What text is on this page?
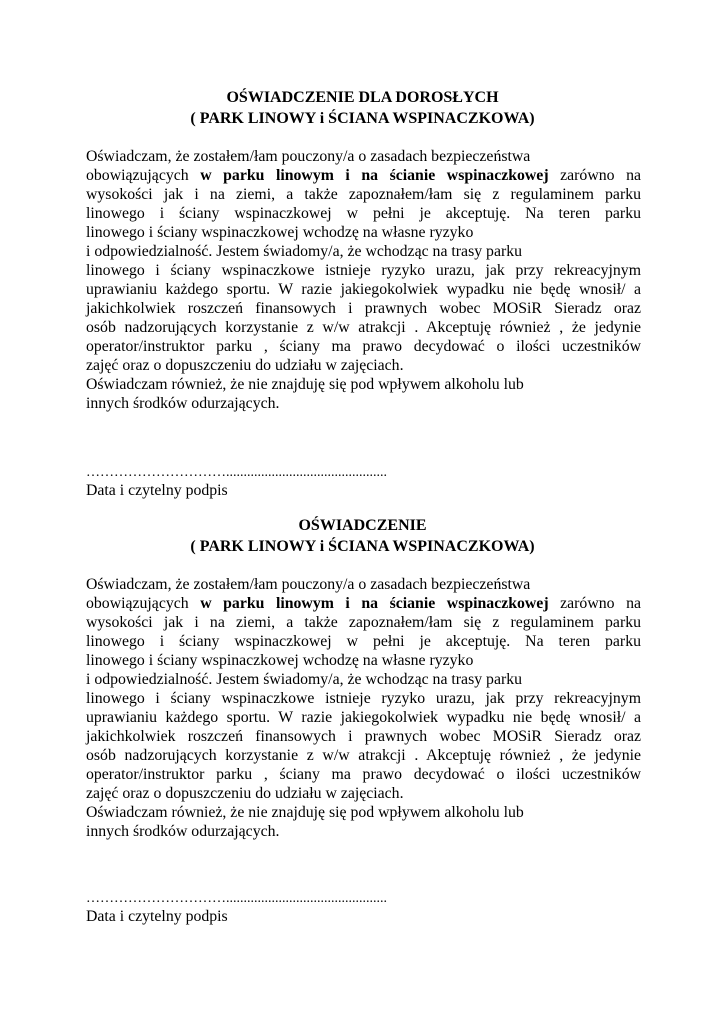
OŚWIADCZENIE DLA DOROSŁYCH
( PARK LINOWY i ŚCIANA WSPINACZKOWA)
Oświadczam, że zostałem/łam pouczony/a o zasadach bezpieczeństwa
obowiązujących w parku linowym i na ścianie wspinaczkowej zarówno na
wysokości jak i na ziemi, a także zapoznałem/łam się z regulaminem parku
linowego i ściany wspinaczkowej w pełni je akceptuję. Na teren parku
linowego i ściany wspinaczkowej wchodzę na własne ryzyko
i odpowiedzialność. Jestem świadomy/a, że wchodząc na trasy parku
linowego i ściany wspinaczkowe istnieje ryzyko urazu, jak przy rekreacyjnym
uprawianiu każdego sportu. W razie jakiegokolwiek wypadku nie będę wnosił/ a
jakichkolwiek roszczeń finansowych i prawnych wobec MOSiR Sieradz oraz
osób nadzorujących korzystanie z w/w atrakcji . Akceptuję również , że jedynie
operator/instruktor parku , ściany ma prawo decydować o ilości uczestników
zajęć oraz o dopuszczeniu do udziału w zajęciach.
Oświadczam również, że nie znajduję się pod wpływem alkoholu lub
innych środków odurzających.
…………………………..............................................
Data i czytelny podpis
OŚWIADCZENIE
( PARK LINOWY i ŚCIANA WSPINACZKOWA)
Oświadczam, że zostałem/łam pouczony/a o zasadach bezpieczeństwa
obowiązujących w parku linowym i na ścianie wspinaczkowej zarówno na
wysokości jak i na ziemi, a także zapoznałem/łam się z regulaminem parku
linowego i ściany wspinaczkowej w pełni je akceptuję. Na teren parku
linowego i ściany wspinaczkowej wchodzę na własne ryzyko
i odpowiedzialność. Jestem świadomy/a, że wchodząc na trasy parku
linowego i ściany wspinaczkowe istnieje ryzyko urazu, jak przy rekreacyjnym
uprawianiu każdego sportu. W razie jakiegokolwiek wypadku nie będę wnosił/ a
jakichkolwiek roszczeń finansowych i prawnych wobec MOSiR Sieradz oraz
osób nadzorujących korzystanie z w/w atrakcji . Akceptuję również , że jedynie
operator/instruktor parku , ściany ma prawo decydować o ilości uczestników
zajęć oraz o dopuszczeniu do udziału w zajęciach.
Oświadczam również, że nie znajduję się pod wpływem alkoholu lub
innych środków odurzających.
…………………………..............................................
Data i czytelny podpis
